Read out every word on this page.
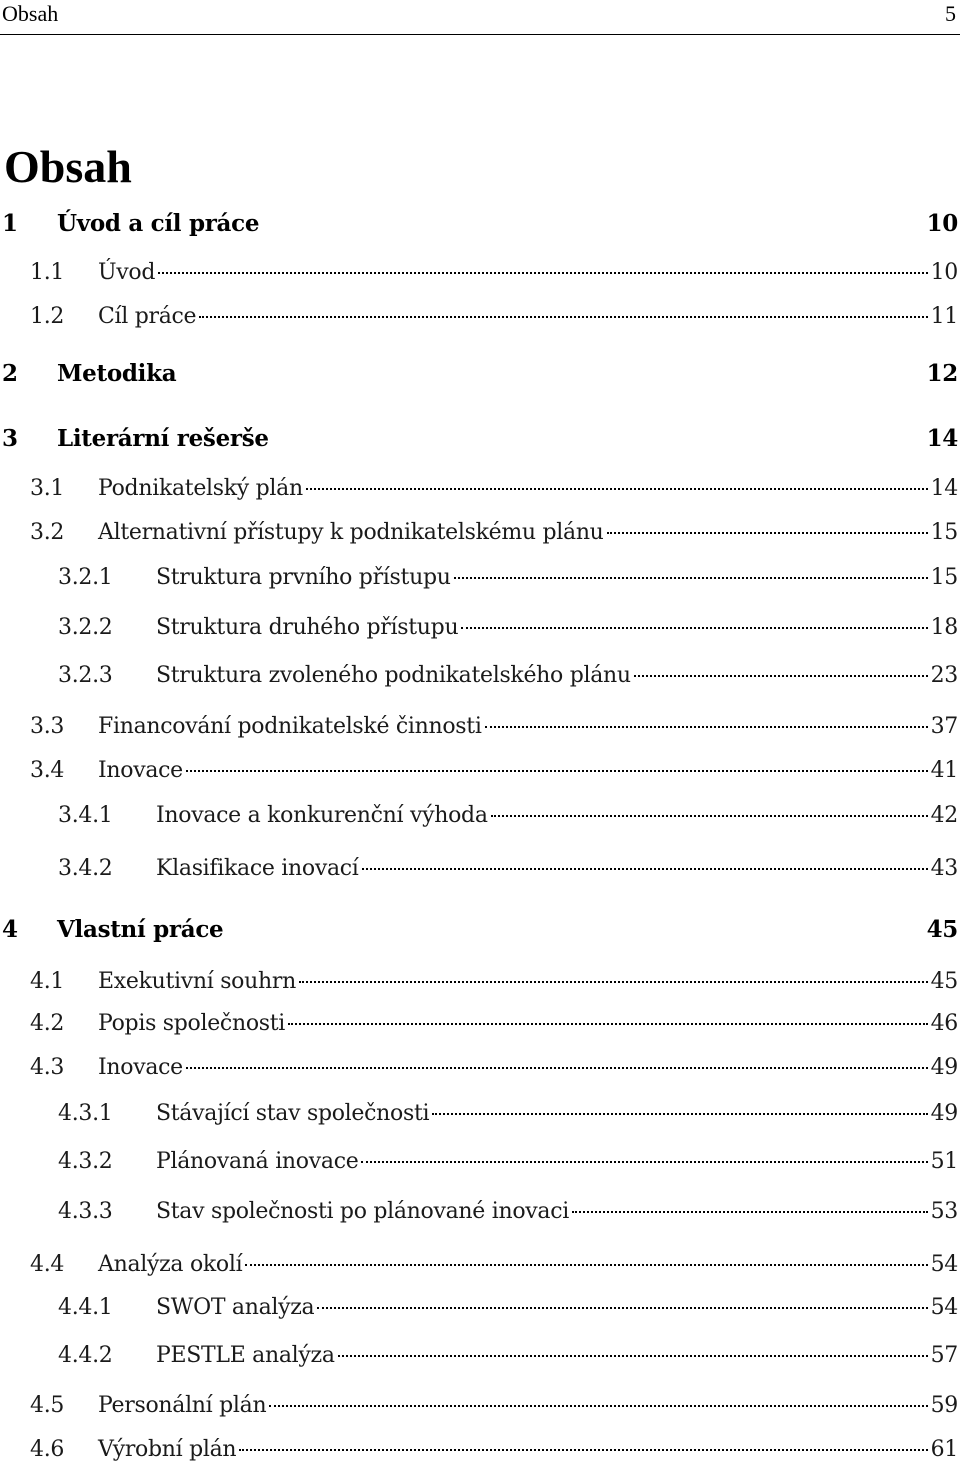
Obsah	5
Obsah
1	Úvod a cíl práce	10
1.1	Úvod	10
1.2	Cíl práce	11
2	Metodika	12
3	Literární rešerše	14
3.1	Podnikatelský plán	14
3.2	Alternativní přístupy k podnikatelskému plánu	15
3.2.1	Struktura prvního přístupu	15
3.2.2	Struktura druhého přístupu	18
3.2.3	Struktura zvoleného podnikatelského plánu	23
3.3	Financování podnikatelské činnosti	37
3.4	Inovace	41
3.4.1	Inovace a konkurenční výhoda	42
3.4.2	Klasifikace inovací	43
4	Vlastní práce	45
4.1	Exekutivní souhrn	45
4.2	Popis společnosti	46
4.3	Inovace	49
4.3.1	Stávající stav společnosti	49
4.3.2	Plánovaná inovace	51
4.3.3	Stav společnosti po plánované inovaci	53
4.4	Analýza okolí	54
4.4.1	SWOT analýza	54
4.4.2	PESTLE analýza	57
4.5	Personální plán	59
4.6	Výrobní plán	61
